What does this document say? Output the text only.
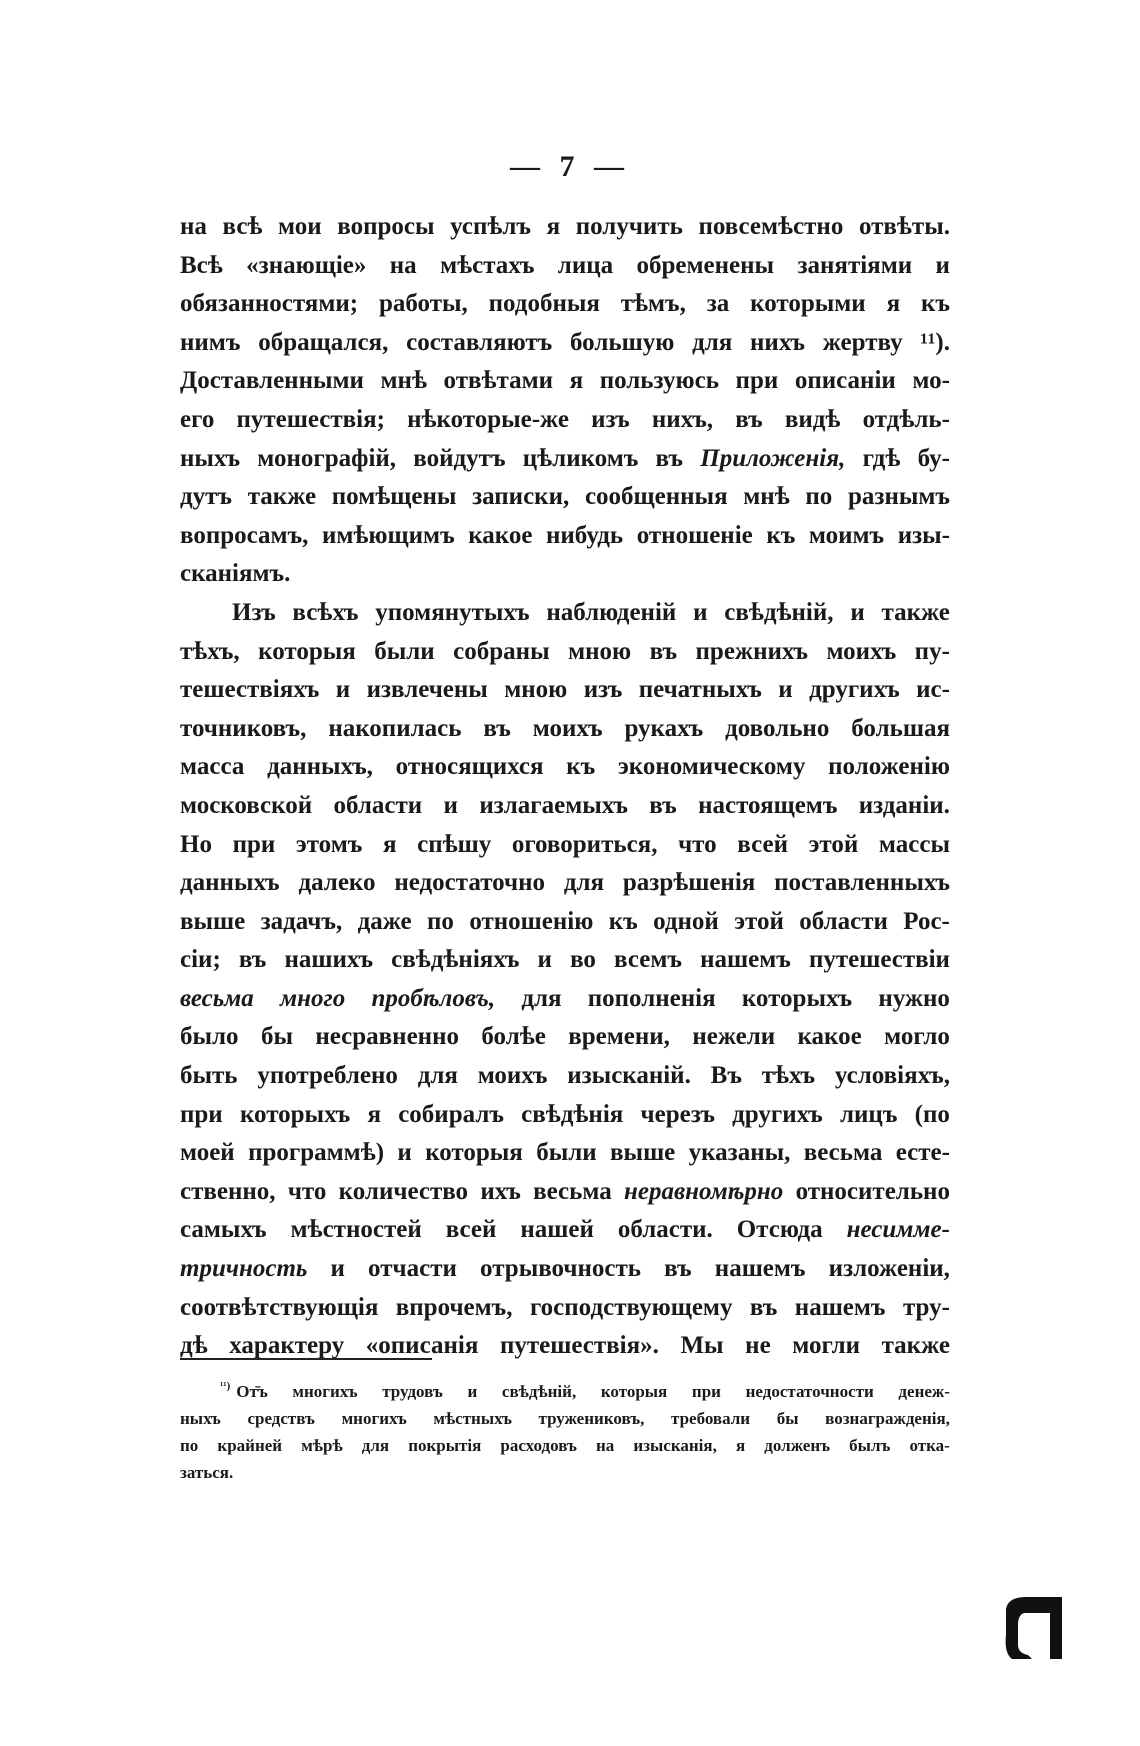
— 7 —
на всѣ мои вопросы успѣлъ я получить повсемѣстно отвѣты.
Всѣ «знающіе» на мѣстахъ лица обременены занятіями и
обязанностями; работы, подобныя тѣмъ, за которыми я къ
нимъ обращался, составляютъ большую для нихъ жертву ¹¹).
Доставленными мнѣ отвѣтами я пользуюсь при описаніи мо-
его путешествія; нѣкоторые-же изъ нихъ, въ видѣ отдѣль-
ныхъ монографій, войдутъ цѣликомъ въ Приложенія, гдѣ бу-
дутъ также помѣщены записки, сообщенныя мнѣ по разнымъ
вопросамъ, имѣющимъ какое нибудь отношеніе къ моимъ изы-
сканіямъ.
Изъ всѣхъ упомянутыхъ наблюденій и свѣдѣній, и также
тѣхъ, которыя были собраны мною въ прежнихъ моихъ пу-
тешествіяхъ и извлечены мною изъ печатныхъ и другихъ ис-
точниковъ, накопилась въ моихъ рукахъ довольно большая
масса данныхъ, относящихся къ экономическому положенію
московской области и излагаемыхъ въ настоящемъ изданіи.
Но при этомъ я спѣшу оговориться, что всей этой массы
данныхъ далеко недостаточно для разрѣшенія поставленныхъ
выше задачъ, даже по отношенію къ одной этой области Рос-
сіи; въ нашихъ свѣдѣніяхъ и во всемъ нашемъ путешествіи
весьма много пробѣловъ, для пополненія которыхъ нужно
было бы несравненно болѣе времени, нежели какое могло
быть употреблено для моихъ изысканій. Въ тѣхъ условіяхъ,
при которыхъ я собиралъ свѣдѣнія черезъ другихъ лицъ (по
моей программѣ) и которыя были выше указаны, весьма есте-
ственно, что количество ихъ весьма неравномѣрно относительно
самыхъ мѣстностей всей нашей области. Отсюда несимме-
тричность и отчасти отрывочность въ нашемъ изложеніи,
соотвѣтствующія впрочемъ, господствующему въ нашемъ тру-
дѣ характеру «описанія путешествія». Мы не могли также
$^{^{11})}$ От̄ъ многихъ трудовъ и свѣдѣній, которыя при недостаточности денеж-
ныхъ средствъ многихъ мѣстныхъ тружениковъ, требовали бы вознагражденія,
по крайней мѣрѣ для покрытія расходовъ на изысканія, я долженъ былъ отка-
заться.
